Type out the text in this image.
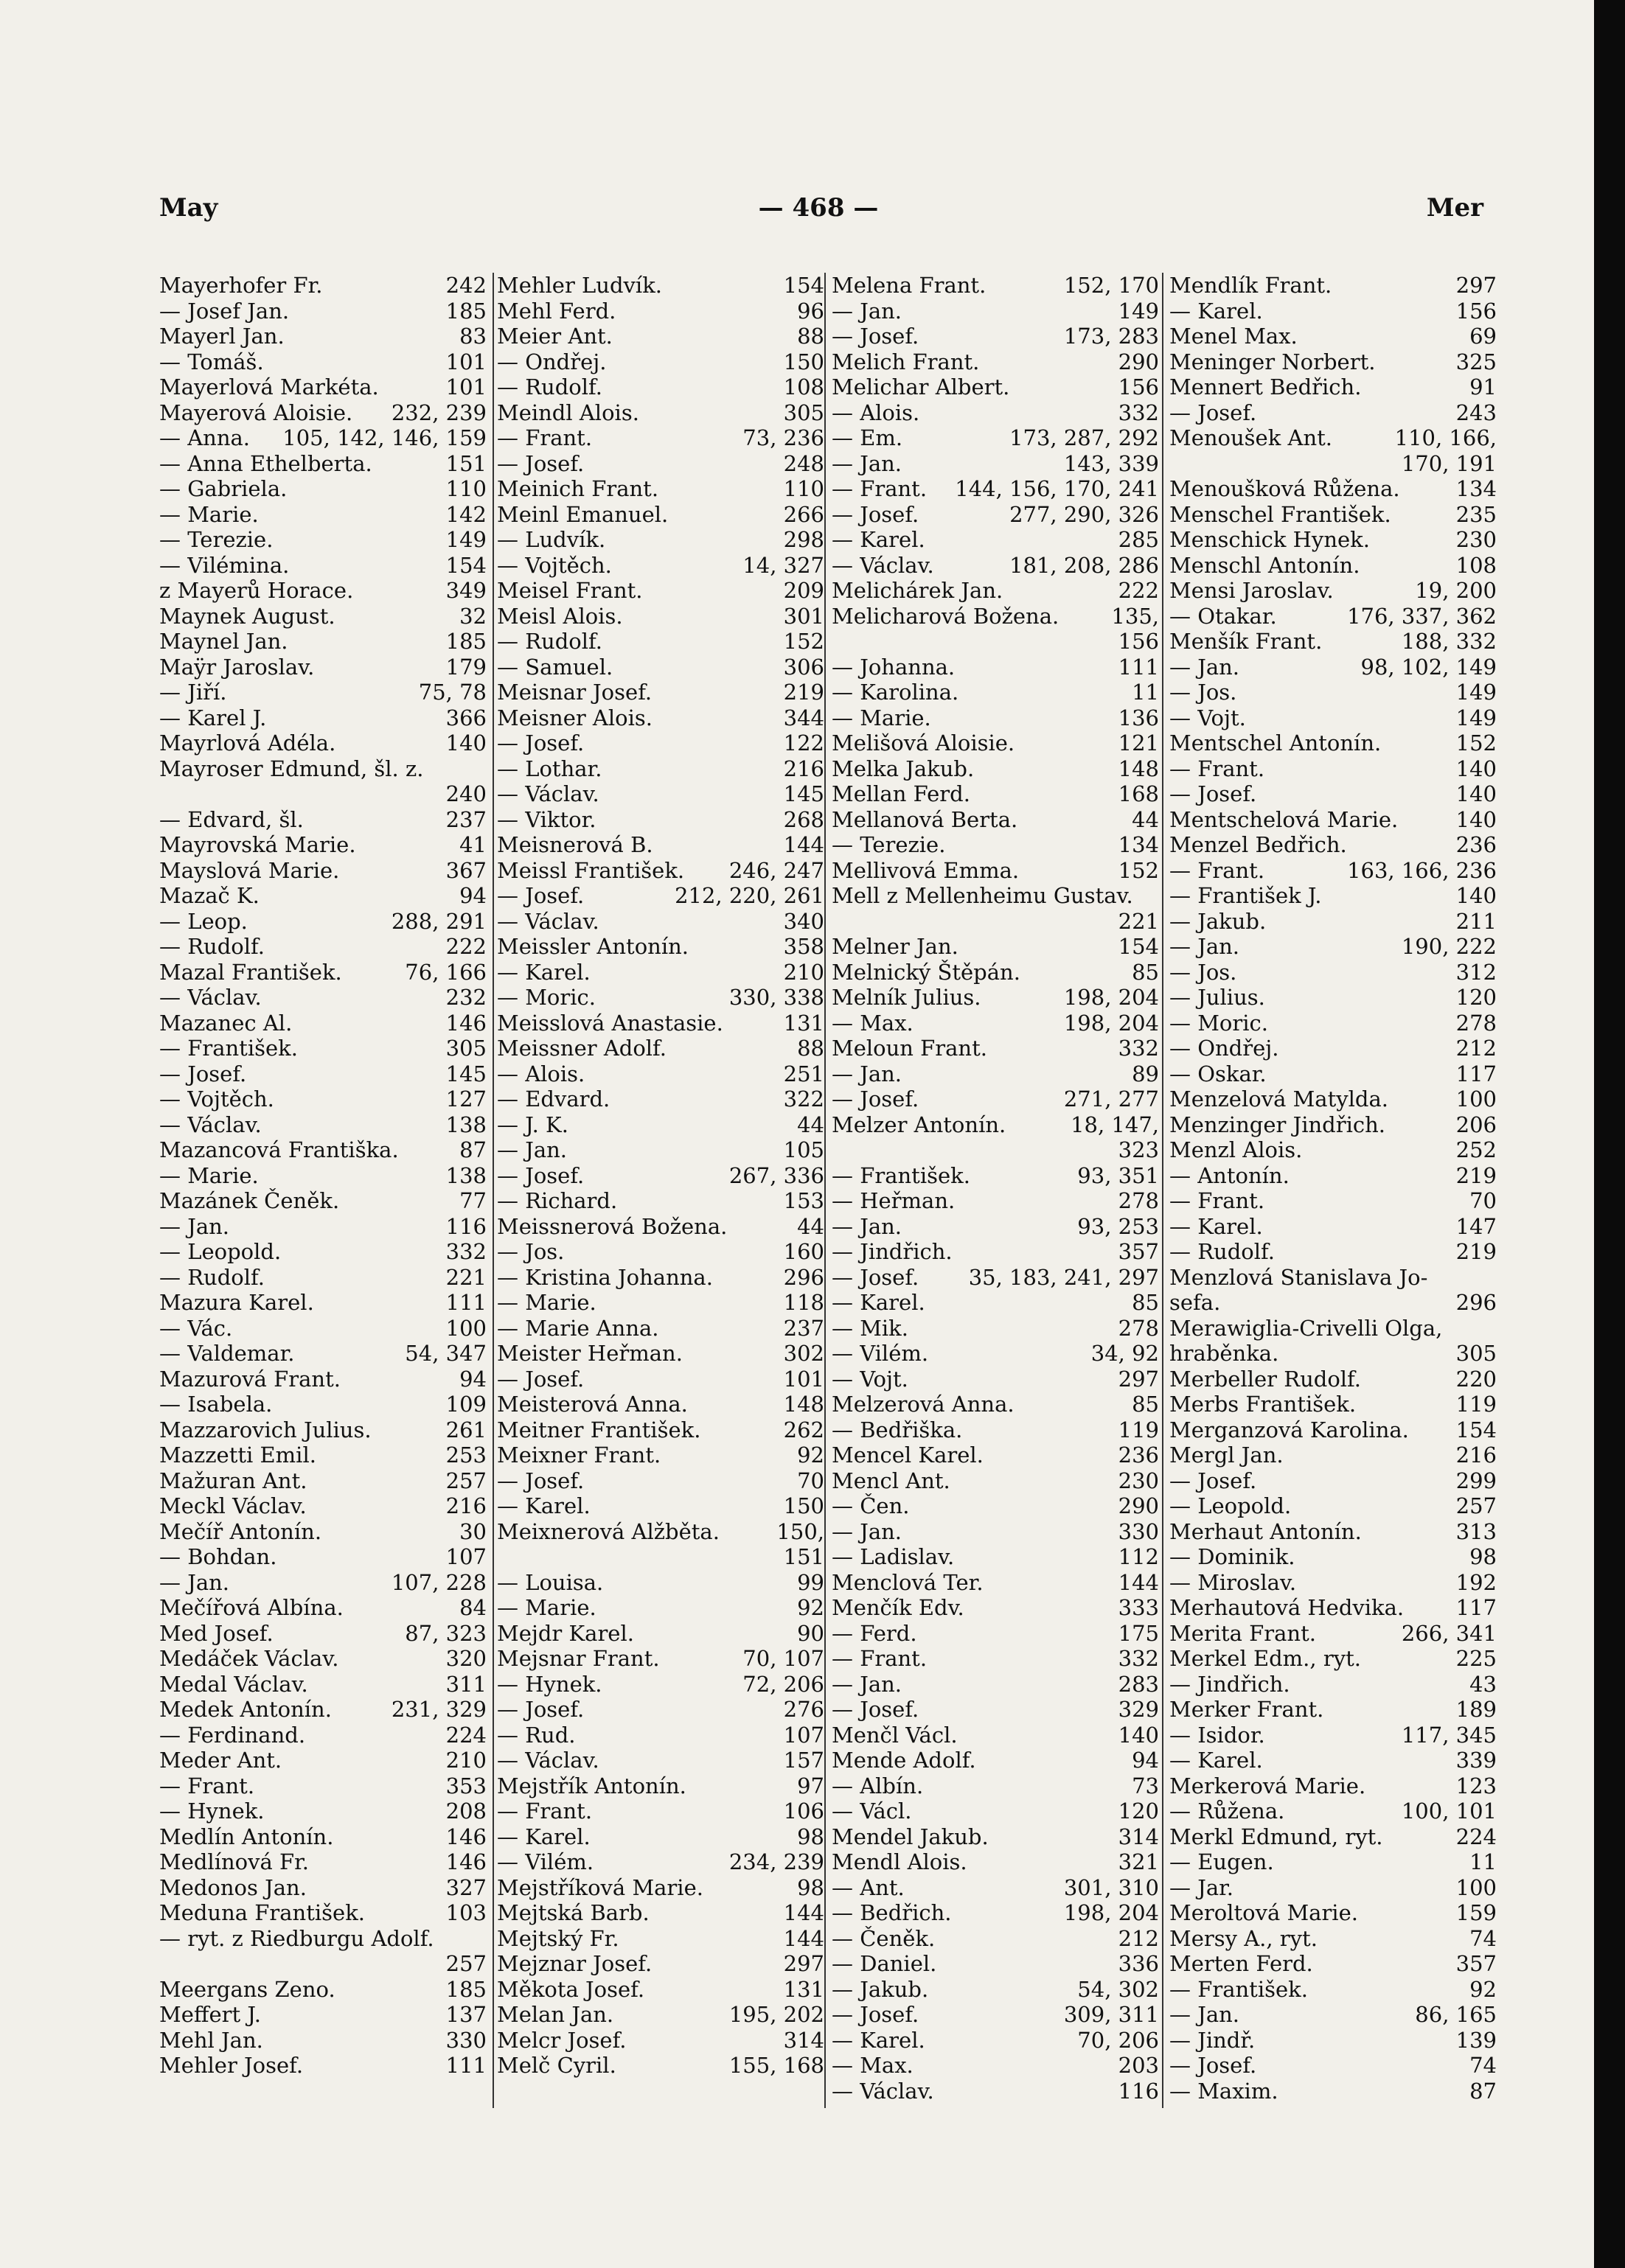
May	— 468 —	Mer
Mayerhofer Fr.	242
— Josef Jan.	185
Mayerl Jan.	83
— Tomáš.	101
Mayerlová Markéta.	101
Mayerová Aloisie. 232, 239
— Anna. 105, 142, 146, 159
— Anna Ethelberta.	151
— Gabriela.	110
— Marie.	142
— Terezie.	149
— Vilémina.	154
z Mayerů Horace.	349
Maynek August.	32
Maynel Jan.	185
Maÿr Jaroslav.	179
— Jiří.	75, 78
— Karel J.	366
Mayrlová Adéla.	140
Mayroser Edmund, šl. z.
240
— Edvard, šl.	237
Mayrovská Marie.	41
Mayslová Marie.	367
Mazač K.	94
— Leop.	288, 291
— Rudolf.	222
Mazal František.	76, 166
— Václav.	232
Mazanec Al.	146
— František.	305
— Josef.	145
— Vojtěch.	127
— Václav.	138
Mazancová Františka.	87
— Marie.	138
Mazánek Čeněk.	77
— Jan.	116
— Leopold.	332
— Rudolf.	221
Mazura Karel.	111
— Vác.	100
— Valdemar.	54, 347
Mazurová Frant.	94
— Isabela.	109
Mazzarovich Julius.	261
Mazzetti Emil.	253
Mažuran Ant.	257
Meckl Václav.	216
Mečíř Antonín.	30
— Bohdan.	107
— Jan.	107, 228
Mečířová Albína.	84
Med Josef.	87, 323
Medáček Václav.	320
Medal Václav.	311
Medek Antonín.	231, 329
— Ferdinand.	224
Meder Ant.	210
— Frant.	353
— Hynek.	208
Medlín Antonín.	146
Medlínová Fr.	146
Medonos Jan.	327
Meduna František.	103
— ryt. z Riedburgu Adolf.
257
Meergans Zeno.	185
Meffert J.	137
Mehl Jan.	330
Mehler Josef.	111
Mehler Ludvík.	154
Mehl Ferd.	96
Meier Ant.	88
— Ondřej.	150
— Rudolf.	108
Meindl Alois.	305
— Frant.	73, 236
— Josef.	248
Meinich Frant.	110
Meinl Emanuel.	266
— Ludvík.	298
— Vojtěch.	14, 327
Meisel Frant.	209
Meisl Alois.	301
— Rudolf.	152
— Samuel.	306
Meisnar Josef.	219
Meisner Alois.	344
— Josef.	122
— Lothar.	216
— Václav.	145
— Viktor.	268
Meisnerová B.	144
Meissl František. 246, 247
— Josef.	212, 220, 261
— Václav.	340
Meissler Antonín.	358
— Karel.	210
— Moric.	330, 338
Meisslová Anastasie.	131
Meissner Adolf.	88
— Alois.	251
— Edvard.	322
— J. K.	44
— Jan.	105
— Josef.	267, 336
— Richard.	153
Meissnerová Božena.	44
— Jos.	160
— Kristina Johanna.	296
— Marie.	118
— Marie Anna.	237
Meister Heřman.	302
— Josef.	101
Meisterová Anna.	148
Meitner František.	262
Meixner Frant.	92
— Josef.	70
— Karel.	150
Meixnerová Alžběta.	150,
151
— Louisa.	99
— Marie.	92
Mejdr Karel.	90
Mejsnar Frant.	70, 107
— Hynek.	72, 206
— Josef.	276
— Rud.	107
— Václav.	157
Mejstřík Antonín.	97
— Frant.	106
— Karel.	98
— Vilém.	234, 239
Mejstříková Marie.	98
Mejtská Barb.	144
Mejtský Fr.	144
Mejznar Josef.	297
Měkota Josef.	131
Melan Jan.	195, 202
Melcr Josef.	314
Melč Cyril.	155, 168
Melena Frant.	152, 170
— Jan.	149
— Josef.	173, 283
Melich Frant.	290
Melichar Albert.	156
— Alois.	332
— Em.	173, 287, 292
— Jan.	143, 339
— Frant. 144, 156, 170, 241
— Josef.	277, 290, 326
— Karel.	285
— Václav.	181, 208, 286
Melichárek Jan.	222
Melicharová Božena. 135,
156
— Johanna.	111
— Karolina.	11
— Marie.	136
Melišová Aloisie.	121
Melka Jakub.	148
Mellan Ferd.	168
Mellanová Berta.	44
— Terezie.	134
Mellivová Emma.	152
Mell z Mellenheimu Gustav.
221
Melner Jan.	154
Melnický Štěpán.	85
Melník Julius.	198, 204
— Max.	198, 204
Meloun Frant.	332
— Jan.	89
— Josef.	271, 277
Melzer Antonín.	18, 147,
323
— František.	93, 351
— Heřman.	278
— Jan.	93, 253
— Jindřich.	357
— Josef. 35, 183, 241, 297
— Karel.	85
— Mik.	278
— Vilém.	34, 92
— Vojt.	297
Melzerová Anna.	85
— Bedřiška.	119
Mencel Karel.	236
Mencl Ant.	230
— Čen.	290
— Jan.	330
— Ladislav.	112
Menclová Ter.	144
Menčík Edv.	333
— Ferd.	175
— Frant.	332
— Jan.	283
— Josef.	329
Menčl Václ.	140
Mende Adolf.	94
— Albín.	73
— Václ.	120
Mendel Jakub.	314
Mendl Alois.	321
— Ant.	301, 310
— Bedřich.	198, 204
— Čeněk.	212
— Daniel.	336
— Jakub.	54, 302
— Josef.	309, 311
— Karel.	70, 206
— Max.	203
— Václav.	116
Mendlík Frant.	297
— Karel.	156
Menel Max.	69
Meninger Norbert.	325
Mennert Bedřich.	91
— Josef.	243
Menoušek Ant.	110, 166,
170, 191
Menoušková Růžena.	134
Menschel František.	235
Menschick Hynek.	230
Menschl Antonín.	108
Mensi Jaroslav.	19, 200
— Otakar.	176, 337, 362
Menšík Frant.	188, 332
— Jan.	98, 102, 149
— Jos.	149
— Vojt.	149
Mentschel Antonín.	152
— Frant.	140
— Josef.	140
Mentschelová Marie.	140
Menzel Bedřich.	236
— Frant.	163, 166, 236
— František J.	140
— Jakub.	211
— Jan.	190, 222
— Jos.	312
— Julius.	120
— Moric.	278
— Ondřej.	212
— Oskar.	117
Menzelová Matylda.	100
Menzinger Jindřich.	206
Menzl Alois.	252
— Antonín.	219
— Frant.	70
— Karel.	147
— Rudolf.	219
Menzlová Stanislava Jo-
sefa.	296
Merawiglia-Crivelli Olga,
hraběnka.	305
Merbeller Rudolf.	220
Merbs František.	119
Merganzová Karolina. 154
Mergl Jan.	216
— Josef.	299
— Leopold.	257
Merhaut Antonín.	313
— Dominik.	98
— Miroslav.	192
Merhautová Hedvika. 117
Merita Frant.	266, 341
Merkel Edm., ryt.	225
— Jindřich.	43
Merker Frant.	189
— Isidor.	117, 345
— Karel.	339
Merkerová Marie.	123
— Růžena.	100, 101
Merkl Edmund, ryt.	224
— Eugen.	11
— Jar.	100
Meroltová Marie.	159
Mersy A., ryt.	74
Merten Ferd.	357
— František.	92
— Jan.	86, 165
— Jindř.	139
— Josef.	74
— Maxim.	87
